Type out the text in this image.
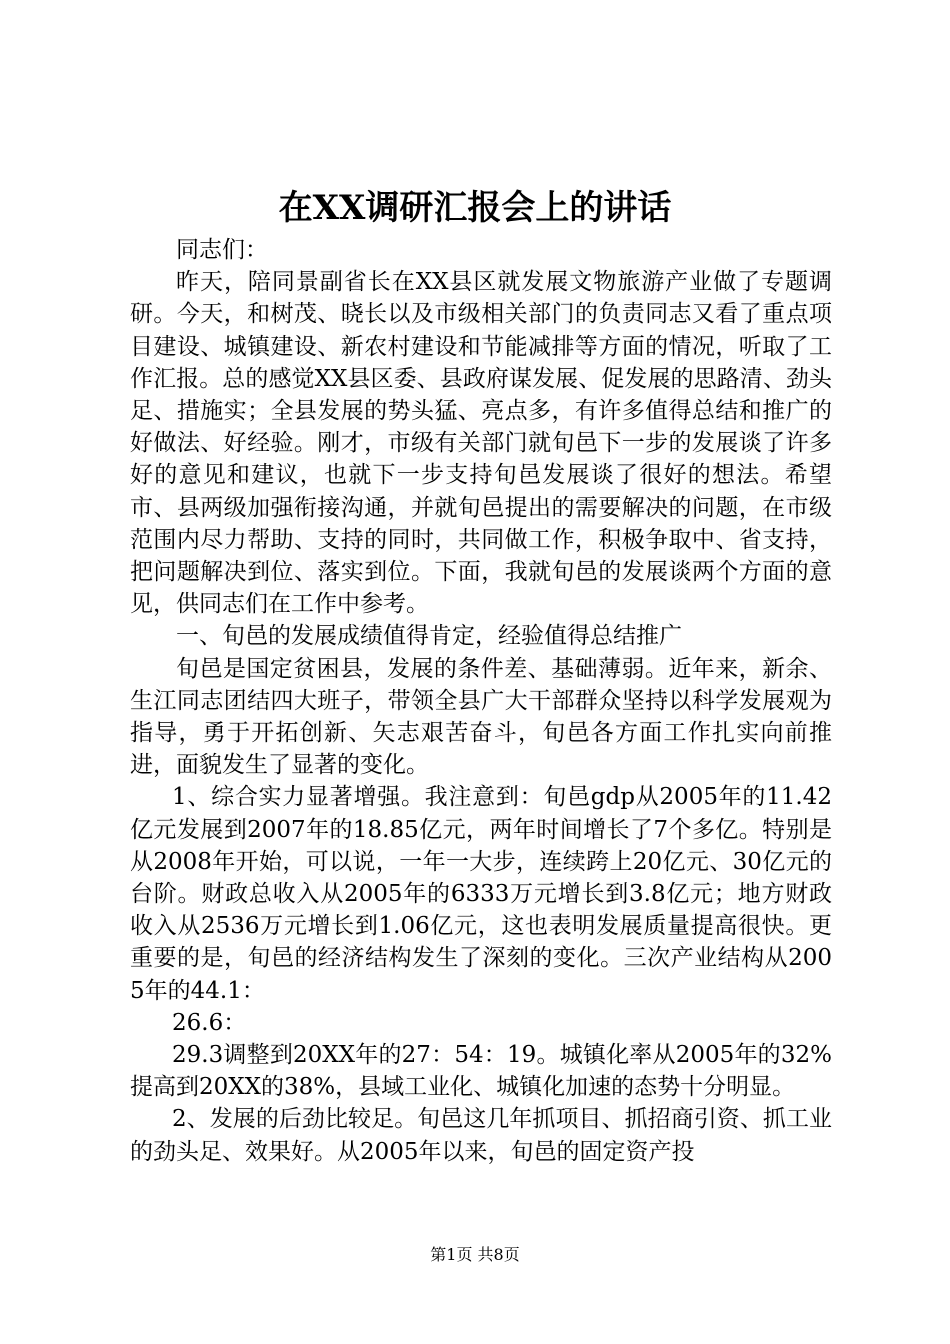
在XX调研汇报会上的讲话

同志们：

昨天，陪同景副省长在XX县区就发展文物旅游产业做了专题调研。今天，和树茂、晓长以及市级相关部门的负责同志又看了重点项目建设、城镇建设、新农村建设和节能减排等方面的情况，听取了工作汇报。总的感觉XX县区委、县政府谋发展、促发展的思路清、劲头足、措施实；全县发展的势头猛、亮点多，有许多值得总结和推广的好做法、好经验。刚才，市级有关部门就旬邑下一步的发展谈了许多好的意见和建议，也就下一步支持旬邑发展谈了很好的想法。希望市、县两级加强衔接沟通，并就旬邑提出的需要解决的问题，在市级范围内尽力帮助、支持的同时，共同做工作，积极争取中、省支持，把问题解决到位、落实到位。下面，我就旬邑的发展谈两个方面的意见，供同志们在工作中参考。

一、旬邑的发展成绩值得肯定，经验值得总结推广

旬邑是国定贫困县，发展的条件差、基础薄弱。近年来，新余、生江同志团结四大班子，带领全县广大干部群众坚持以科学发展观为指导，勇于开拓创新、矢志艰苦奋斗，旬邑各方面工作扎实向前推进，面貌发生了显著的变化。

1、综合实力显著增强。我注意到：旬邑gdp从2005年的11.42亿元发展到2007年的18.85亿元，两年时间增长了7个多亿。特别是从2008年开始，可以说，一年一大步，连续跨上20亿元、30亿元的台阶。财政总收入从2005年的6333万元增长到3.8亿元；地方财政收入从2536万元增长到1.06亿元，这也表明发展质量提高很快。更重要的是，旬邑的经济结构发生了深刻的变化。三次产业结构从2005年的44.1：

26.6：

29.3调整到20XX年的27：54：19。城镇化率从2005年的32%提高到20XX的38%，县域工业化、城镇化加速的态势十分明显。

2、发展的后劲比较足。旬邑这几年抓项目、抓招商引资、抓工业的劲头足、效果好。从2005年以来，旬邑的固定资产投

第1页 共8页
